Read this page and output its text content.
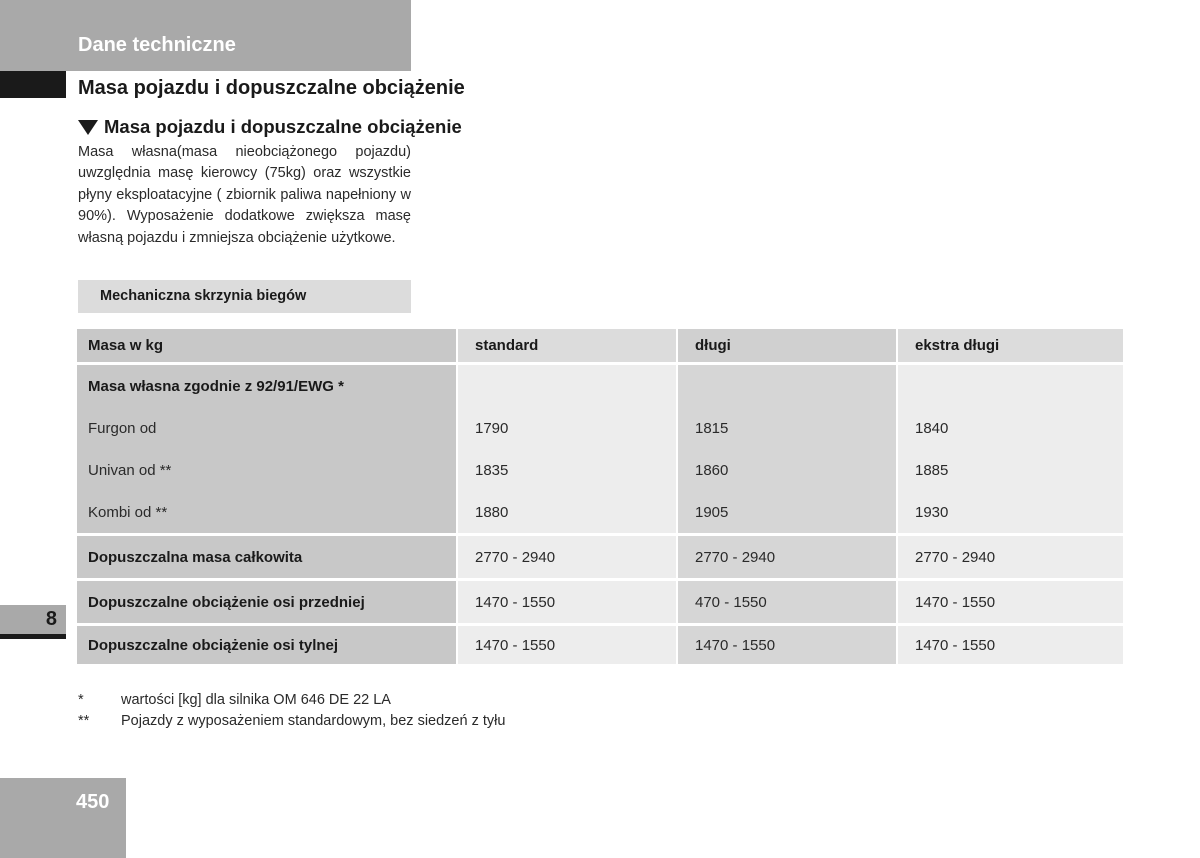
Dane techniczne
Masa pojazdu i dopuszczalne obciążenie
Masa pojazdu i dopuszczalne obciążenie

Masa własna(masa nieobciążonego pojazdu) uwzględnia masę kierowcy (75kg) oraz wszystkie płyny eksploatacyjne ( zbiornik paliwa napełniony w 90%). Wyposażenie dodatkowe zwiększa masę własną pojazdu i zmniejsza obciążenie użytkowe.

Mechaniczna skrzynia biegów
Masa w kg	standard	długi	ekstra długi
Masa własna zgodnie z 92/91/EWG *			
Furgon od	1790	1815	1840
Univan od **	1835	1860	1885
Kombi od **	1880	1905	1930
Dopuszczalna masa całkowita	2770 - 2940	2770 - 2940	2770 - 2940
Dopuszczalne obciążenie osi przedniej	1470 - 1550	470 - 1550	1470 - 1550
Dopuszczalne obciążenie osi tylnej	1470 - 1550	1470 - 1550	1470 - 1550
*	wartości [kg] dla silnika OM 646 DE 22 LA
**	Pojazdy z wyposażeniem standardowym, bez siedzeń z tyłu
8
450
